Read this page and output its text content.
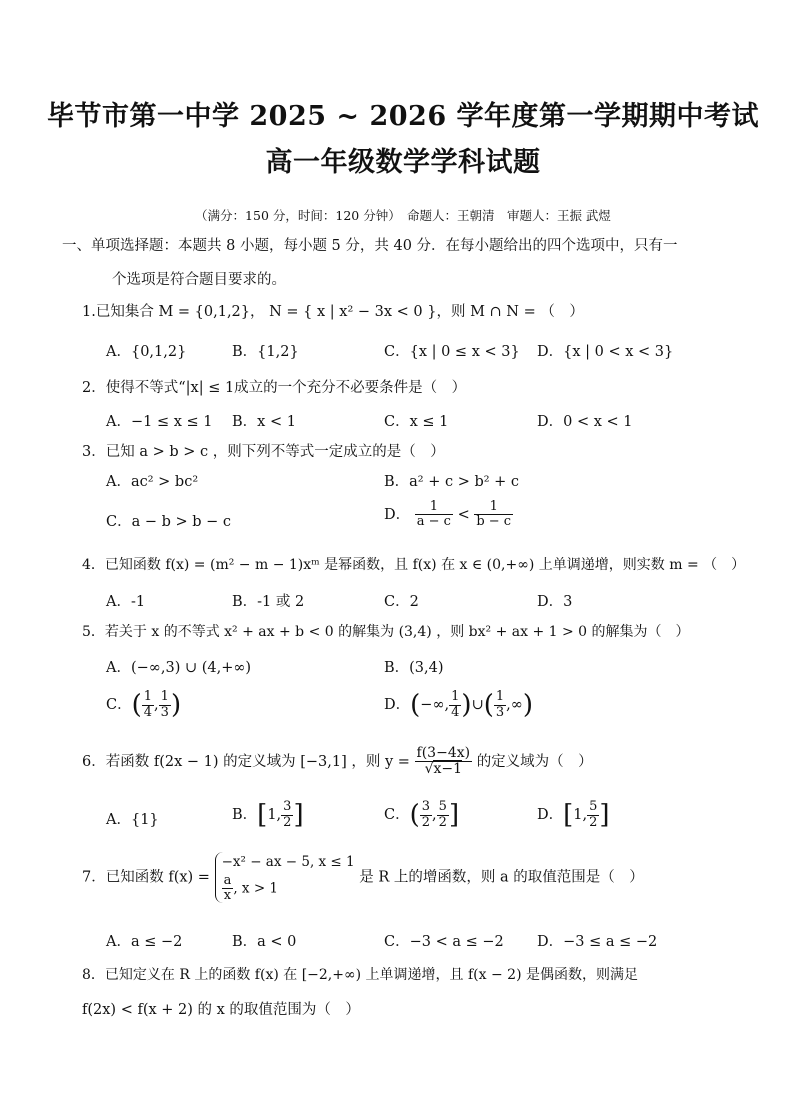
毕节市第一中学 2025 ~ 2026 学年度第一学期期中考试
高一年级数学学科试题
（满分：150 分，时间：120 分钟）　命题人：王朝清　审题人：王振 武煜
一、单项选择题：本题共 8 小题，每小题 5 分，共 40 分．在每小题给出的四个选项中，只有一
个选项是符合题目要求的。
1.已知集合 M = {0,1,2}， N = { x | x² − 3x < 0 }，则 M ∩ N = （　）
A．{0,1,2}	B．{1,2}	C．{x | 0 ≤ x < 3} D．{x | 0 < x < 3}
2．使得不等式“|x| ≤ 1成立的一个充分不必要条件是（　）
A．−1 ≤ x ≤ 1 B．x < 1	C．x ≤ 1	D．0 < x < 1
3．已知 a > b > c ，则下列不等式一定成立的是（　）
A．ac² > bc²	B．a² + c > b² + c
C．a − b > b − c	D． $\frac{1}{a - c} < \frac{1}{b - c}$
4．已知函数 f(x) = (m² − m − 1)xᵐ 是幂函数，且 f(x) 在 x ∈ (0,+∞) 上单调递增，则实数 m = （　）
A．-1	B．-1 或 2	C．2	D．3
5．若关于 x 的不等式 x² + ax + b < 0 的解集为 (3,4) ，则 bx² + ax + 1 > 0 的解集为（　）
A．(−∞,3) ∪ (4,+∞)	B．(3,4)
C．( $\frac{1}{4}$ , $\frac{1}{3}$ )	D．(−∞, $\frac{1}{4}$ )∪( $\frac{1}{3}$ ,∞)
6．若函数 f(2x − 1) 的定义域为 [−3,1] ，则 $y = \frac{f(3-4x)}{√x-1}$ 的定义域为（　）
A．{1}	B．[1, $\frac{3}{2}$ ]	C．( $\frac{3}{2}$ , $\frac{5}{2}$ ]	D．[1, $\frac{5}{2}$ ]
7．已知函数 f(x) =
−x² − ax − 5, x ≤ 1
$\frac{a}{x}$ , x > 1
是 R 上的增函数，则 a 的取值范围是（　）
A．a ≤ −2	B．a < 0	C．−3 < a ≤ −2 D．−3 ≤ a ≤ −2
8．已知定义在 R 上的函数 f(x) 在 [−2,+∞) 上单调递增，且 f(x − 2) 是偶函数，则满足
f(2x) < f(x + 2) 的 x 的取值范围为（　）
